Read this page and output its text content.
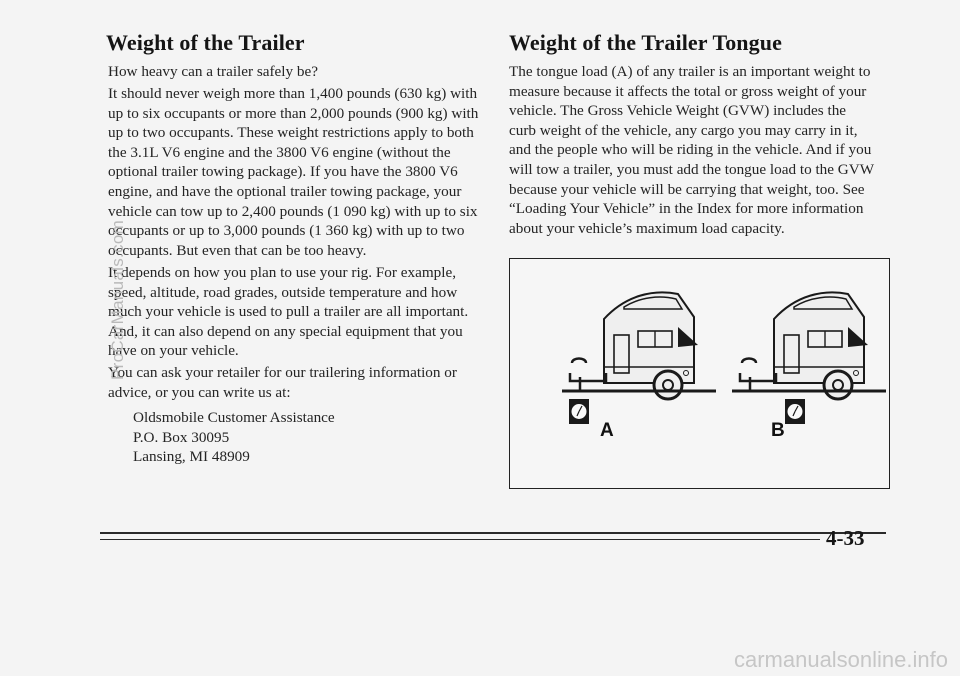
Weight of the Trailer

How heavy can a trailer safely be?

It should never weigh more than 1,400 pounds (630 kg) with up to six occupants or more than 2,000 pounds (900 kg) with up to two occupants. These weight restrictions apply to both the 3.1L V6 engine and the 3800 V6 engine (without the optional trailer towing package). If you have the 3800 V6 engine, and have the optional trailer towing package, your vehicle can tow up to 2,400 pounds (1 090 kg) with up to six occupants or up to 3,000 pounds (1 360 kg) with up to two occupants. But even that can be too heavy.

It depends on how you plan to use your rig. For example, speed, altitude, road grades, outside temperature and how much your vehicle is used to pull a trailer are all important. And, it can also depend on any special equipment that you have on your vehicle.

You can ask your retailer for our trailering information or advice, or you can write us at:

Oldsmobile Customer Assistance
P.O. Box 30095
Lansing, MI 48909
Weight of the Trailer Tongue

The tongue load (A) of any trailer is an important weight to measure because it affects the total or gross weight of your vehicle. The Gross Vehicle Weight (GVW) includes the curb weight of the vehicle, any cargo you may carry in it, and the people who will be riding in the vehicle. And if you will tow a trailer, you must add the tongue load to the GVW because your vehicle will be carrying that weight, too. See “Loading Your Vehicle” in the Index for more information about your vehicle’s maximum load capacity.

A	B
4-33
ProCarManuals.com
carmanualsonline.info
